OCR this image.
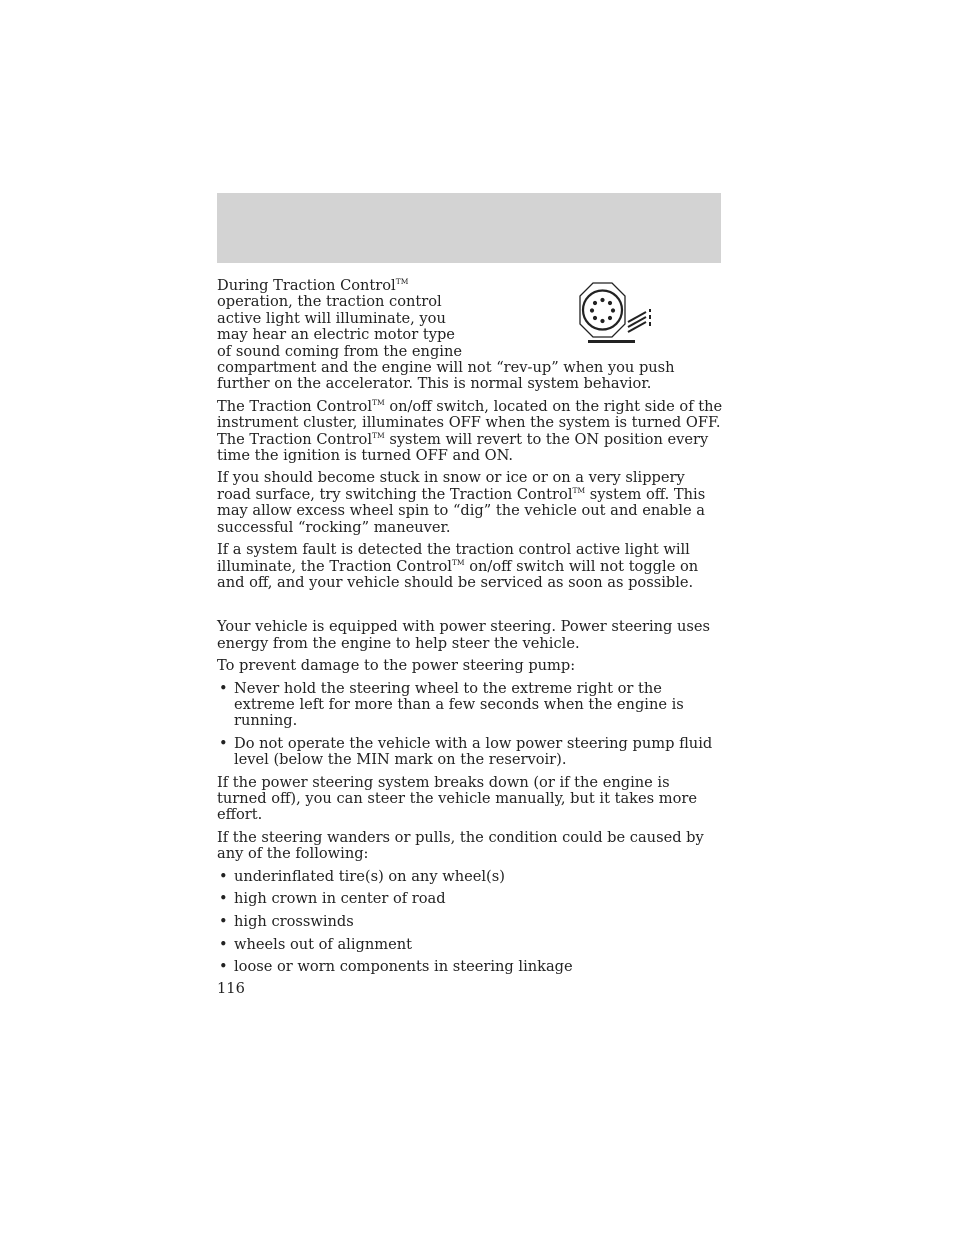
During Traction Control™ operation, the traction control active light will illuminate, you may hear an electric motor type of sound coming from the engine compartment and the engine will not “rev-up” when you push further on the accelerator. This is normal system behavior.

The Traction Control™ on/off switch, located on the right side of the instrument cluster, illuminates OFF when the system is turned OFF. The Traction Control™ system will revert to the ON position every time the ignition is turned OFF and ON.

If you should become stuck in snow or ice or on a very slippery road surface, try switching the Traction Control™ system off. This may allow excess wheel spin to “dig” the vehicle out and enable a successful “rocking” maneuver.

If a system fault is detected the traction control active light will illuminate, the Traction Control™ on/off switch will not toggle on and off, and your vehicle should be serviced as soon as possible.

Your vehicle is equipped with power steering. Power steering uses energy from the engine to help steer the vehicle.

To prevent damage to the power steering pump:

• Never hold the steering wheel to the extreme right or the extreme left for more than a few seconds when the engine is running.
• Do not operate the vehicle with a low power steering pump fluid level (below the MIN mark on the reservoir).

If the power steering system breaks down (or if the engine is turned off), you can steer the vehicle manually, but it takes more effort.

If the steering wanders or pulls, the condition could be caused by any of the following:

• underinflated tire(s) on any wheel(s)
• high crown in center of road
• high crosswinds
• wheels out of alignment
• loose or worn components in steering linkage
116
